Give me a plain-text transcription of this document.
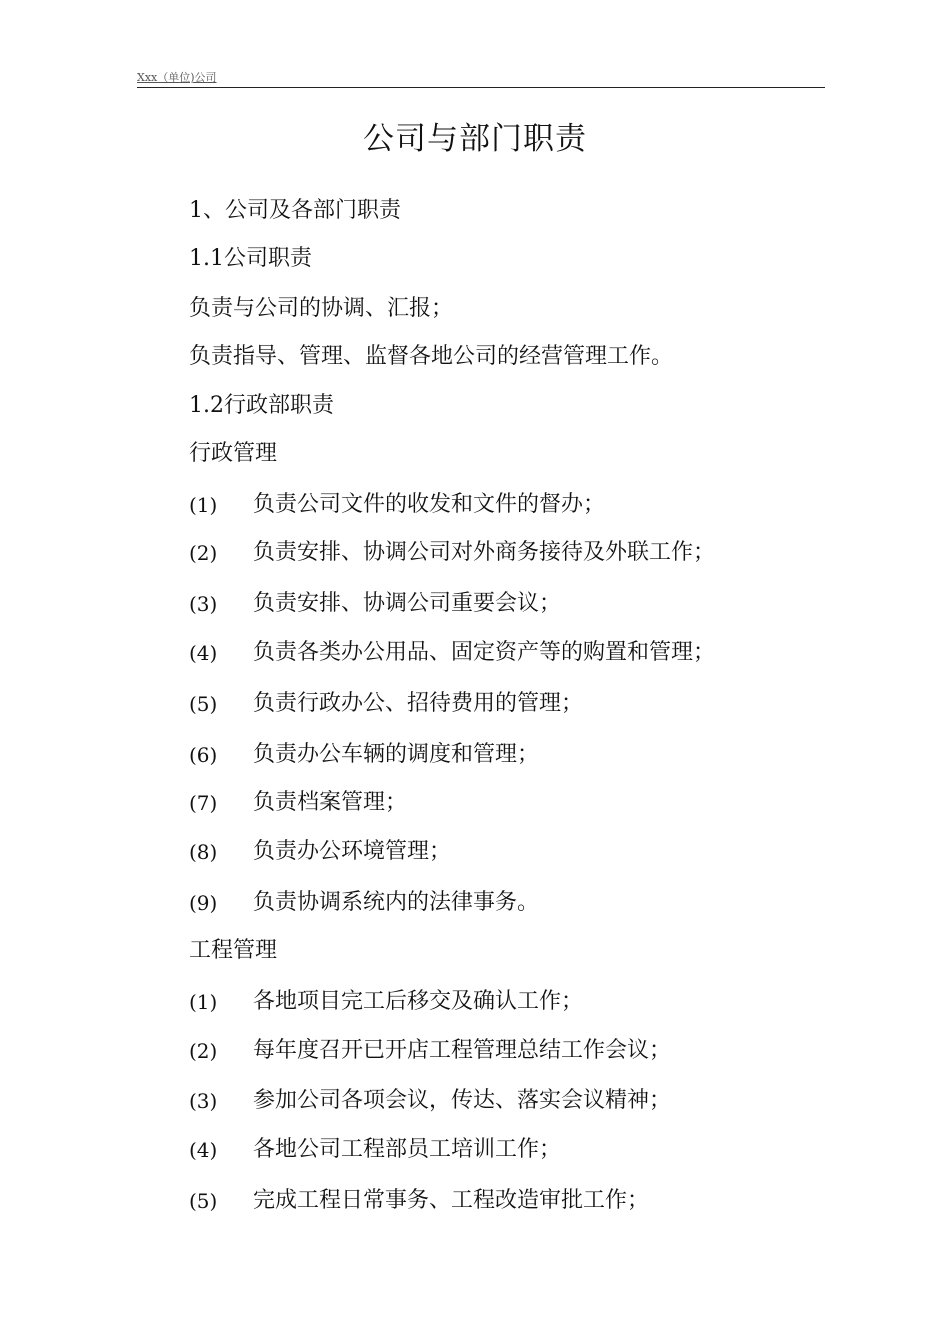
Xxx（单位)公司
公司与部门职责
1、公司及各部门职责
1.1公司职责
负责与公司的协调、汇报；
负责指导、管理、监督各地公司的经营管理工作。
1.2行政部职责
行政管理
(1) 负责公司文件的收发和文件的督办；
(2) 负责安排、协调公司对外商务接待及外联工作；
(3) 负责安排、协调公司重要会议；
(4) 负责各类办公用品、固定资产等的购置和管理；
(5) 负责行政办公、招待费用的管理；
(6) 负责办公车辆的调度和管理；
(7) 负责档案管理；
(8) 负责办公环境管理；
(9) 负责协调系统内的法律事务。
工程管理
(1) 各地项目完工后移交及确认工作；
(2) 每年度召开已开店工程管理总结工作会议；
(3) 参加公司各项会议，传达、落实会议精神；
(4) 各地公司工程部员工培训工作；
(5) 完成工程日常事务、工程改造审批工作；
